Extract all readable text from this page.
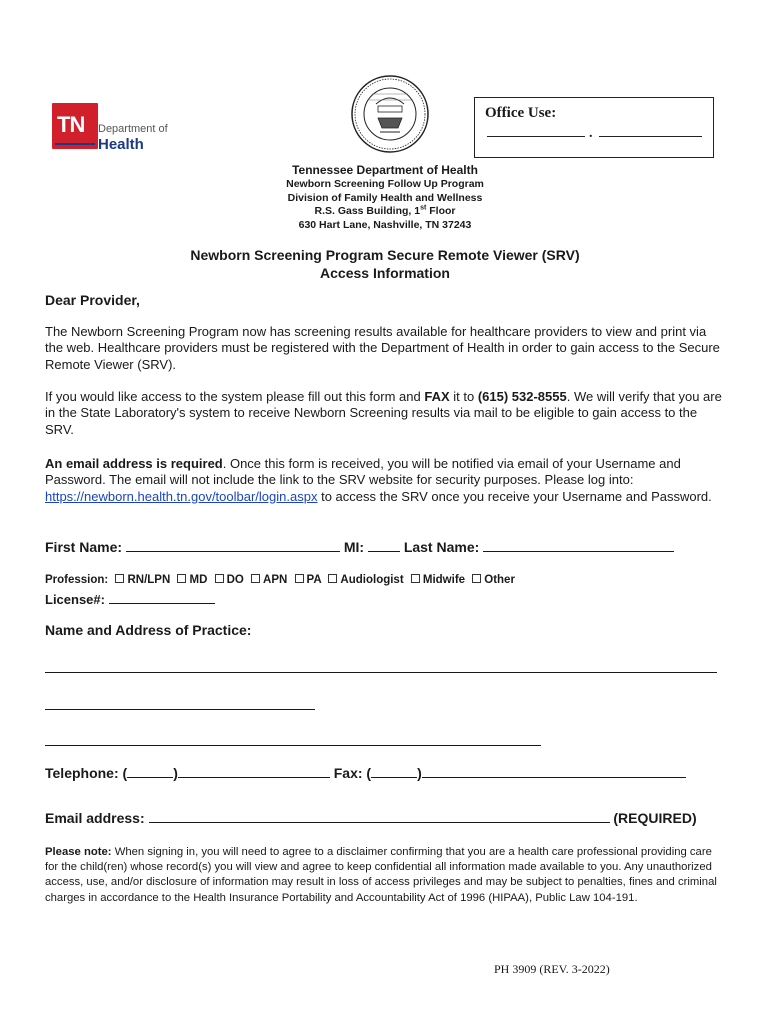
TN Department of
Health
Office Use:
.
Tennessee Department of Health
Newborn Screening Follow Up Program
Division of Family Health and Wellness
R.S. Gass Building, 1st Floor
630 Hart Lane, Nashville, TN 37243
Newborn Screening Program Secure Remote Viewer (SRV)
Access Information
Dear Provider,
The Newborn Screening Program now has screening results available for healthcare providers to view and print via the web. Healthcare providers must be registered with the Department of Health in order to gain access to the Secure Remote Viewer (SRV).
If you would like access to the system please fill out this form and FAX it to (615) 532-8555. We will verify that you are in the State Laboratory's system to receive Newborn Screening results via mail to be eligible to gain access to the SRV.
An email address is required. Once this form is received, you will be notified via email of your Username and Password. The email will not include the link to the SRV website for security purposes. Please log into: https://newborn.health.tn.gov/toolbar/login.aspx to access the SRV once you receive your Username and Password.
First Name:	MI:	Last Name:
Profession: RN/LPN MD DO APN PA Audiologist Midwife Other
License#:
Name and Address of Practice:
Telephone: (	)	Fax: (	)
Email address:	(REQUIRED)
Please note: When signing in, you will need to agree to a disclaimer confirming that you are a health care professional providing care for the child(ren) whose record(s) you will view and agree to keep confidential all information made available to you. Any unauthorized access, use, and/or disclosure of information may result in loss of access privileges and may be subject to penalties, fines and criminal charges in accordance to the Health Insurance Portability and Accountability Act of 1996 (HIPAA), Public Law 104-191.
PH 3909 (REV. 3-2022)
